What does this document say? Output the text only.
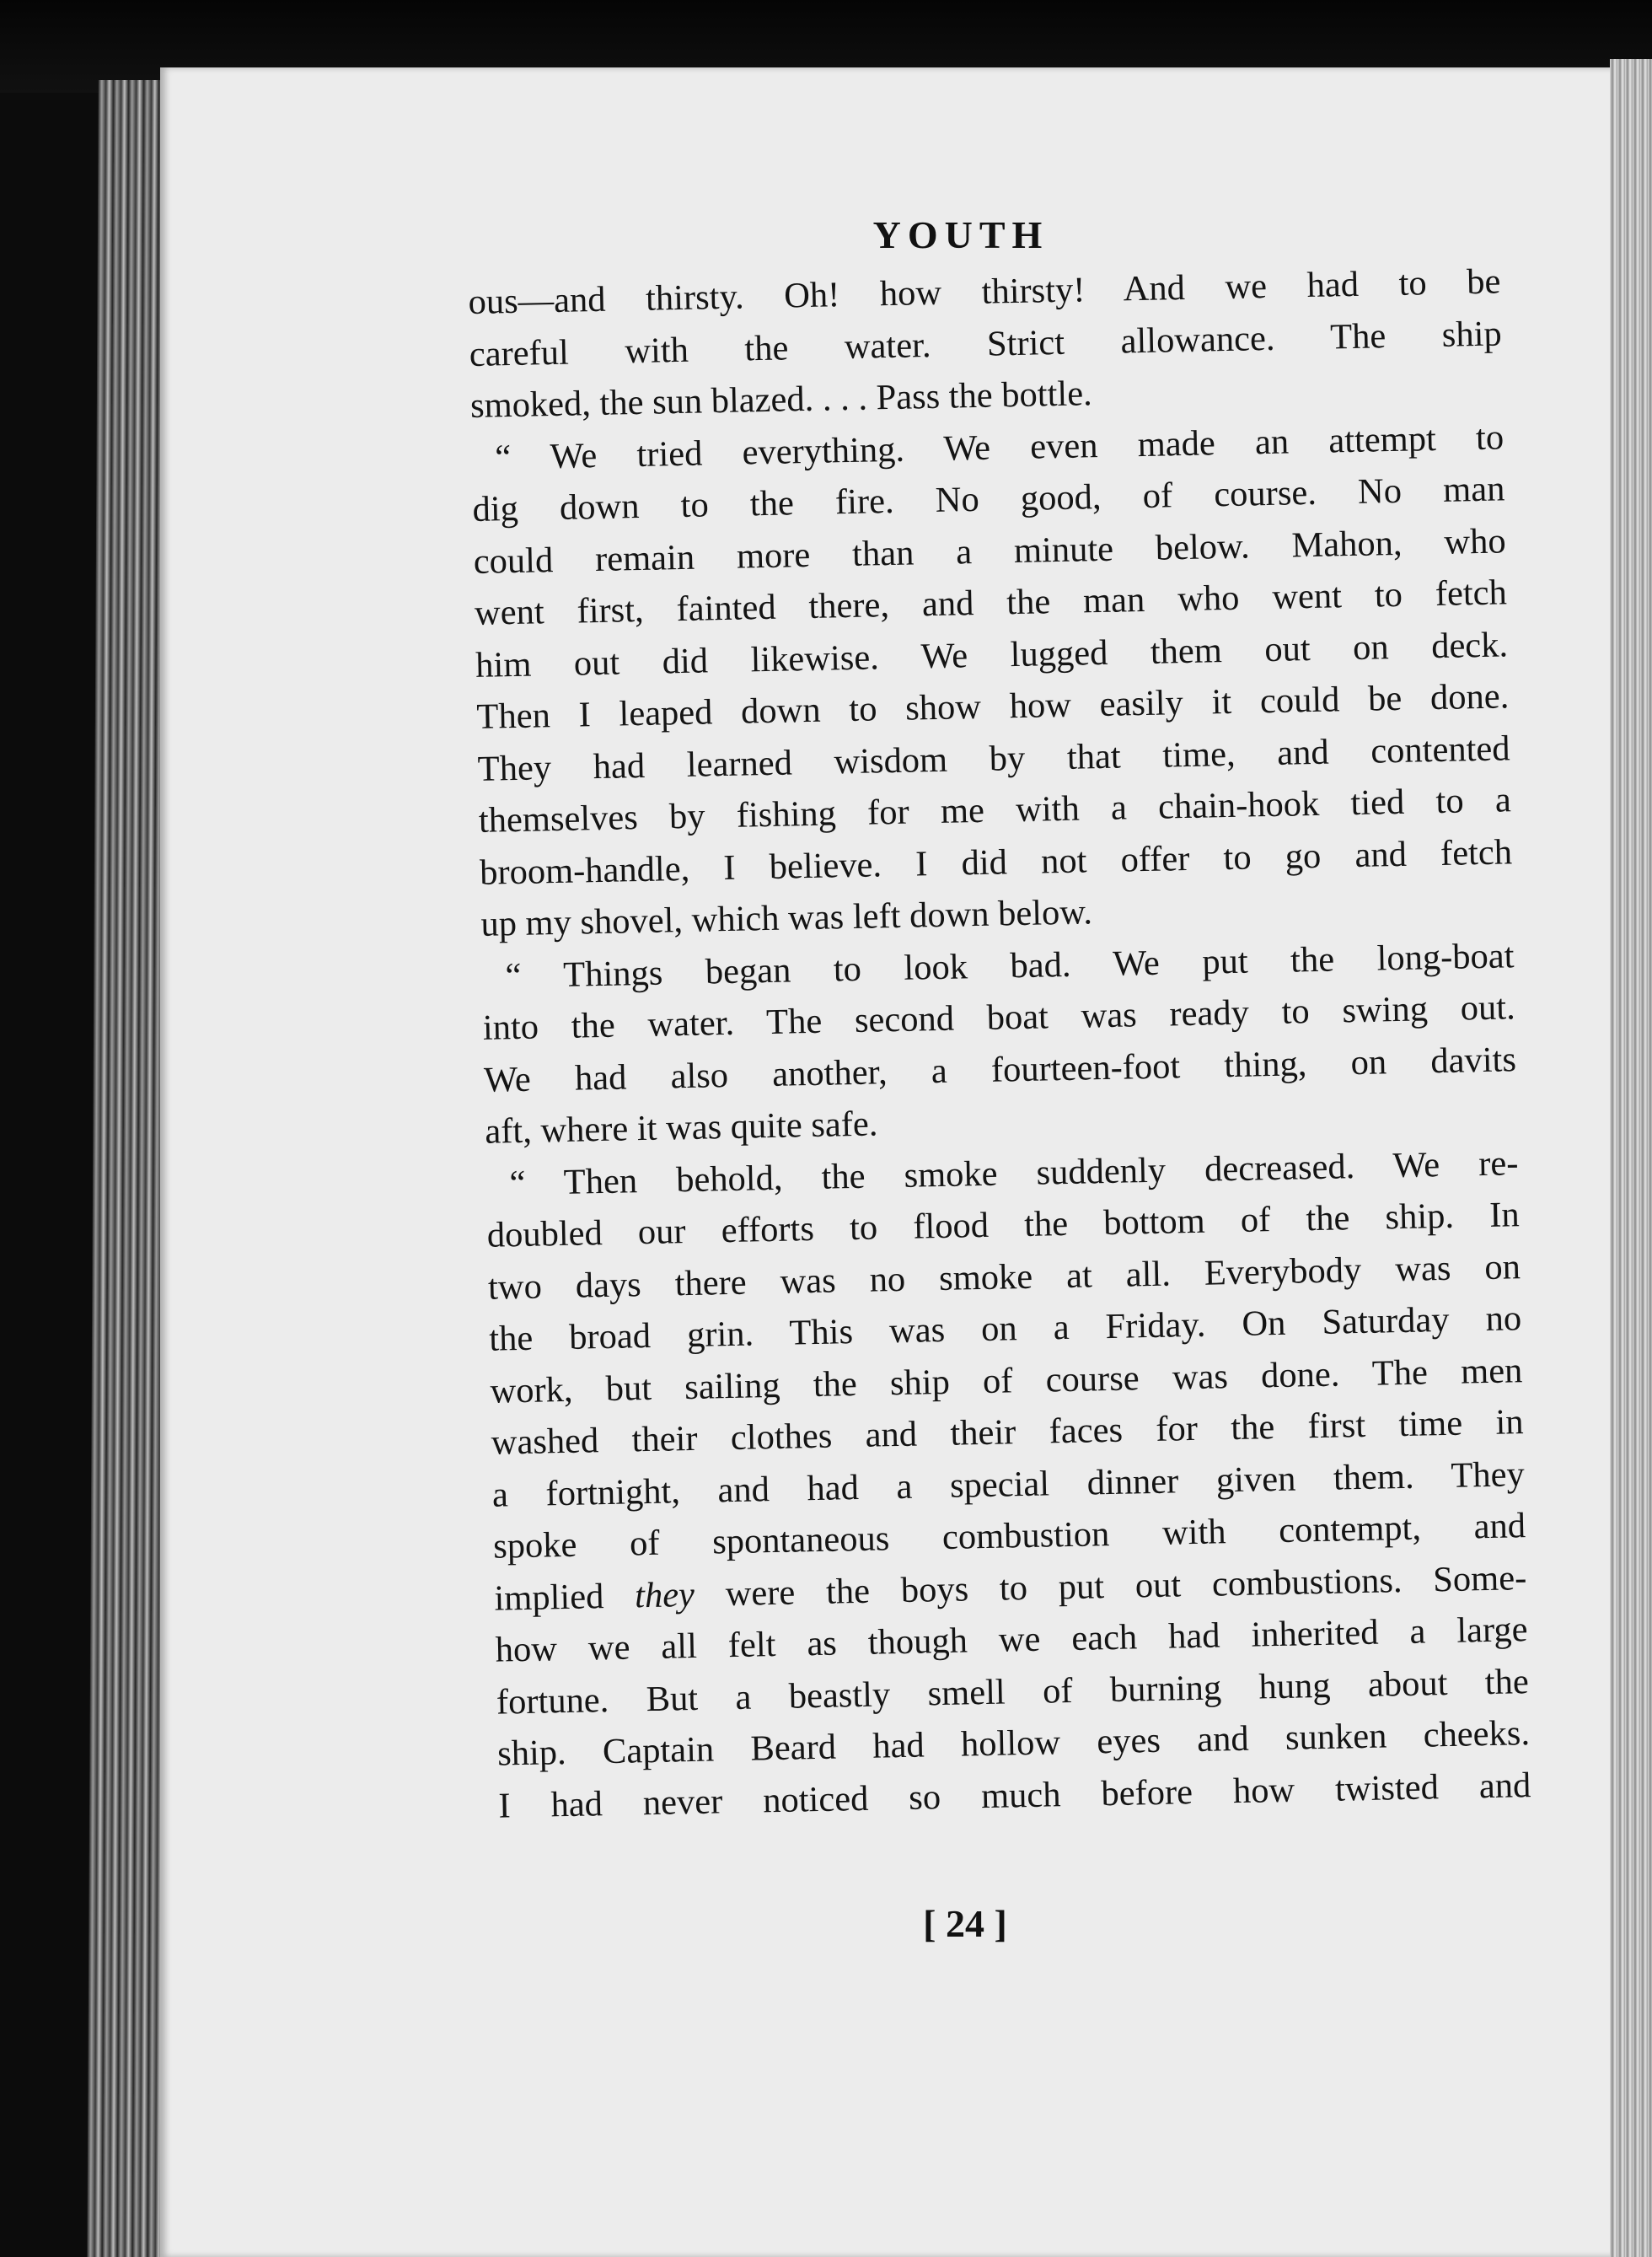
YOUTH
ous—and thirsty. Oh! how thirsty! And we had to be
careful with the water. Strict allowance. The ship
smoked, the sun blazed. . . . Pass the bottle.
“ We tried everything. We even made an attempt to
dig down to the fire. No good, of course. No man
could remain more than a minute below. Mahon, who
went first, fainted there, and the man who went to fetch
him out did likewise. We lugged them out on deck.
Then I leaped down to show how easily it could be done.
They had learned wisdom by that time, and contented
themselves by fishing for me with a chain-hook tied to a
broom-handle, I believe. I did not offer to go and fetch
up my shovel, which was left down below.
“ Things began to look bad. We put the long-boat
into the water. The second boat was ready to swing out.
We had also another, a fourteen-foot thing, on davits
aft, where it was quite safe.
“ Then behold, the smoke suddenly decreased. We re-
doubled our efforts to flood the bottom of the ship. In
two days there was no smoke at all. Everybody was on
the broad grin. This was on a Friday. On Saturday no
work, but sailing the ship of course was done. The men
washed their clothes and their faces for the first time in
a fortnight, and had a special dinner given them. They
spoke of spontaneous combustion with contempt, and
implied they were the boys to put out combustions. Some-
how we all felt as though we each had inherited a large
fortune. But a beastly smell of burning hung about the
ship. Captain Beard had hollow eyes and sunken cheeks.
I had never noticed so much before how twisted and
[ 24 ]
